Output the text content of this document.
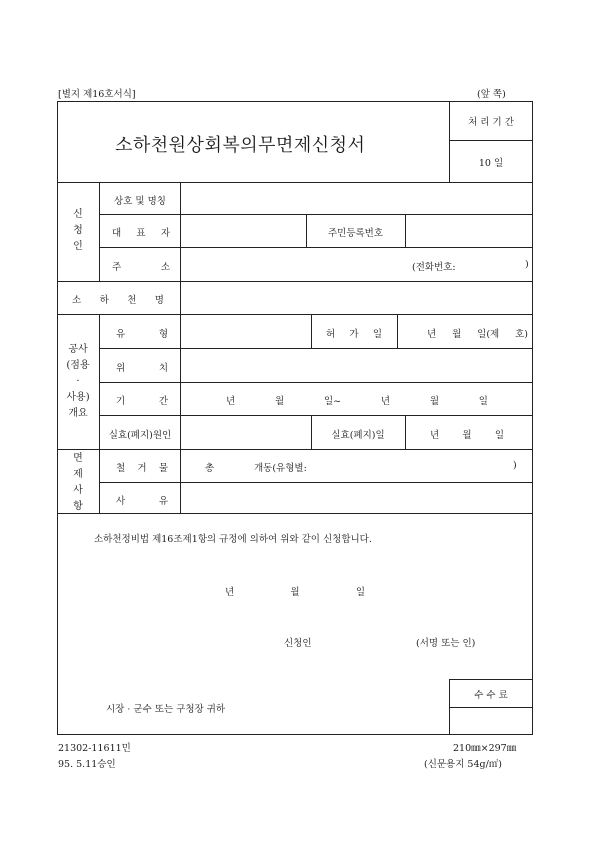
[별지 제16호서식]	(앞 쪽)
소하천원상회복의무면제신청서
처 리 기 간
10 일
신
청
인
상호 및 명칭
대 표 자	주민등록번호
주	소	(전화번호:	)
소 하 천 명
공사
(점용
·
사용)
개요
유	형	허 가 일	년 월 일(제 호)
위	치
기	간	년	월	일~	년	월	일
실효(폐지)원인	실효(폐지)일	년 월 일
면
제
사
항
철 거 물	총	개동(유형별:	)
사	유
소하천정비법 제16조제1항의 규정에 의하여 위와 같이 신청합니다.
년	월	일
신청인	(서명 또는 인)
시장 · 군수 또는 구청장 귀하
수 수 료
21302-11611민
95. 5.11승인
210㎜×297㎜
(신문용지 54g/㎡)
